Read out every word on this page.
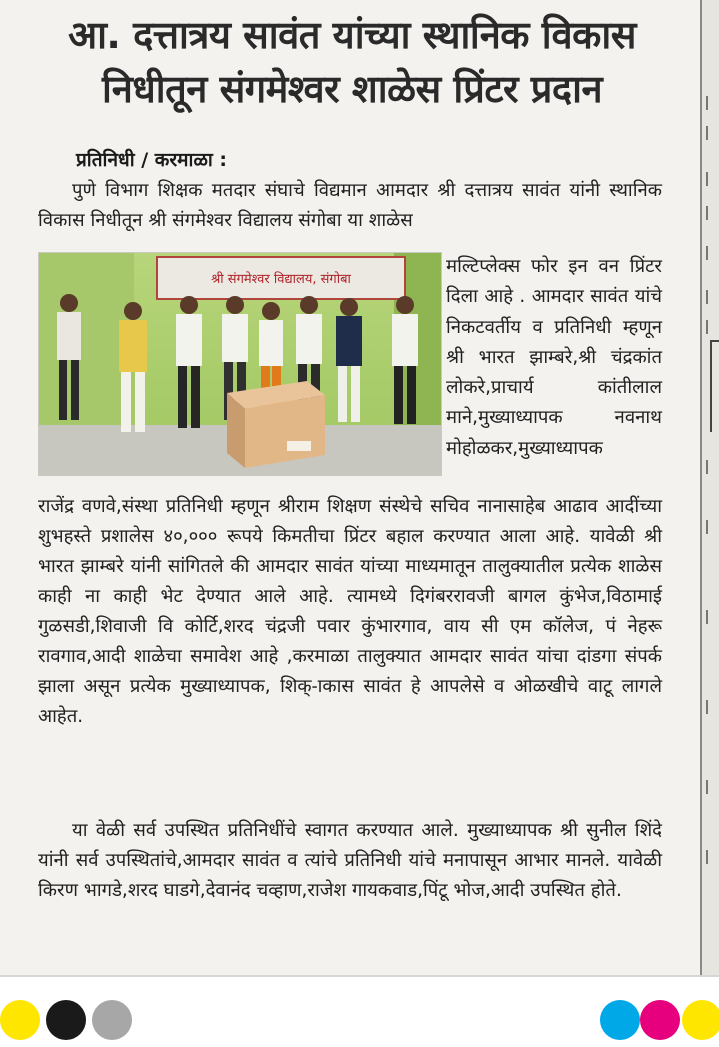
आ. दत्तात्रय सावंत यांच्या स्थानिक विकास
निधीतून संगमेश्वर शाळेस प्रिंटर प्रदान
प्रतिनिधी / करमाळा :

पुणे विभाग शिक्षक मतदार संघाचे विद्यमान आमदार श्री दत्तात्रय सावंत यांनी स्थानिक विकास निधीतून श्री संगमेश्वर विद्यालय संगोबा या शाळेस

श्री संगमेश्वर विद्यालय, संगोबा

मल्टिप्लेक्स फोर इन वन प्रिंटर दिला आहे . आमदार सावंत यांचे निकटवर्तीय व प्रतिनिधी म्हणून श्री भारत झाम्बरे,श्री चंद्रकांत लोकरे,प्राचार्य कांतीलाल माने,मुख्याध्यापक नवनाथ मोहोळकर,मुख्याध्यापक

राजेंद्र वणवे,संस्था प्रतिनिधी म्हणून श्रीराम शिक्षण संस्थेचे सचिव नानासाहेब आढाव आदींच्या शुभहस्ते प्रशालेस ४०,००० रूपये किमतीचा प्रिंटर बहाल करण्यात आला आहे. यावेळी श्री भारत झाम्बरे यांनी सांगितले की आमदार सावंत यांच्या माध्यमातून तालुक्यातील प्रत्येक शाळेस काही ना काही भेट देण्यात आले आहे. त्यामध्ये दिगंबररावजी बागल कुंभेज,विठामाई गुळसडी,शिवाजी वि कोर्टि,शरद चंद्रजी पवार कुंभारगाव, वाय सी एम कॉलेज, पं नेहरू रावगाव,आदी शाळेचा समावेश आहे ,करमाळा तालुक्यात आमदार सावंत यांचा दांडगा संपर्क झाला असून प्रत्येक मुख्याध्यापक, शिक्-ाकास सावंत हे आपलेसे व ओळखीचे वाटू लागले आहेत.

या वेळी सर्व उपस्थित प्रतिनिधींचे स्वागत करण्यात आले. मुख्याध्यापक श्री सुनील शिंदे यांनी सर्व उपस्थितांचे,आमदार सावंत व त्यांचे प्रतिनिधी यांचे मनापासून आभार मानले. यावेळी किरण भागडे,शरद घाडगे,देवानंद चव्हाण,राजेश गायकवाड,पिंटू भोज,आदी उपस्थित होते.
